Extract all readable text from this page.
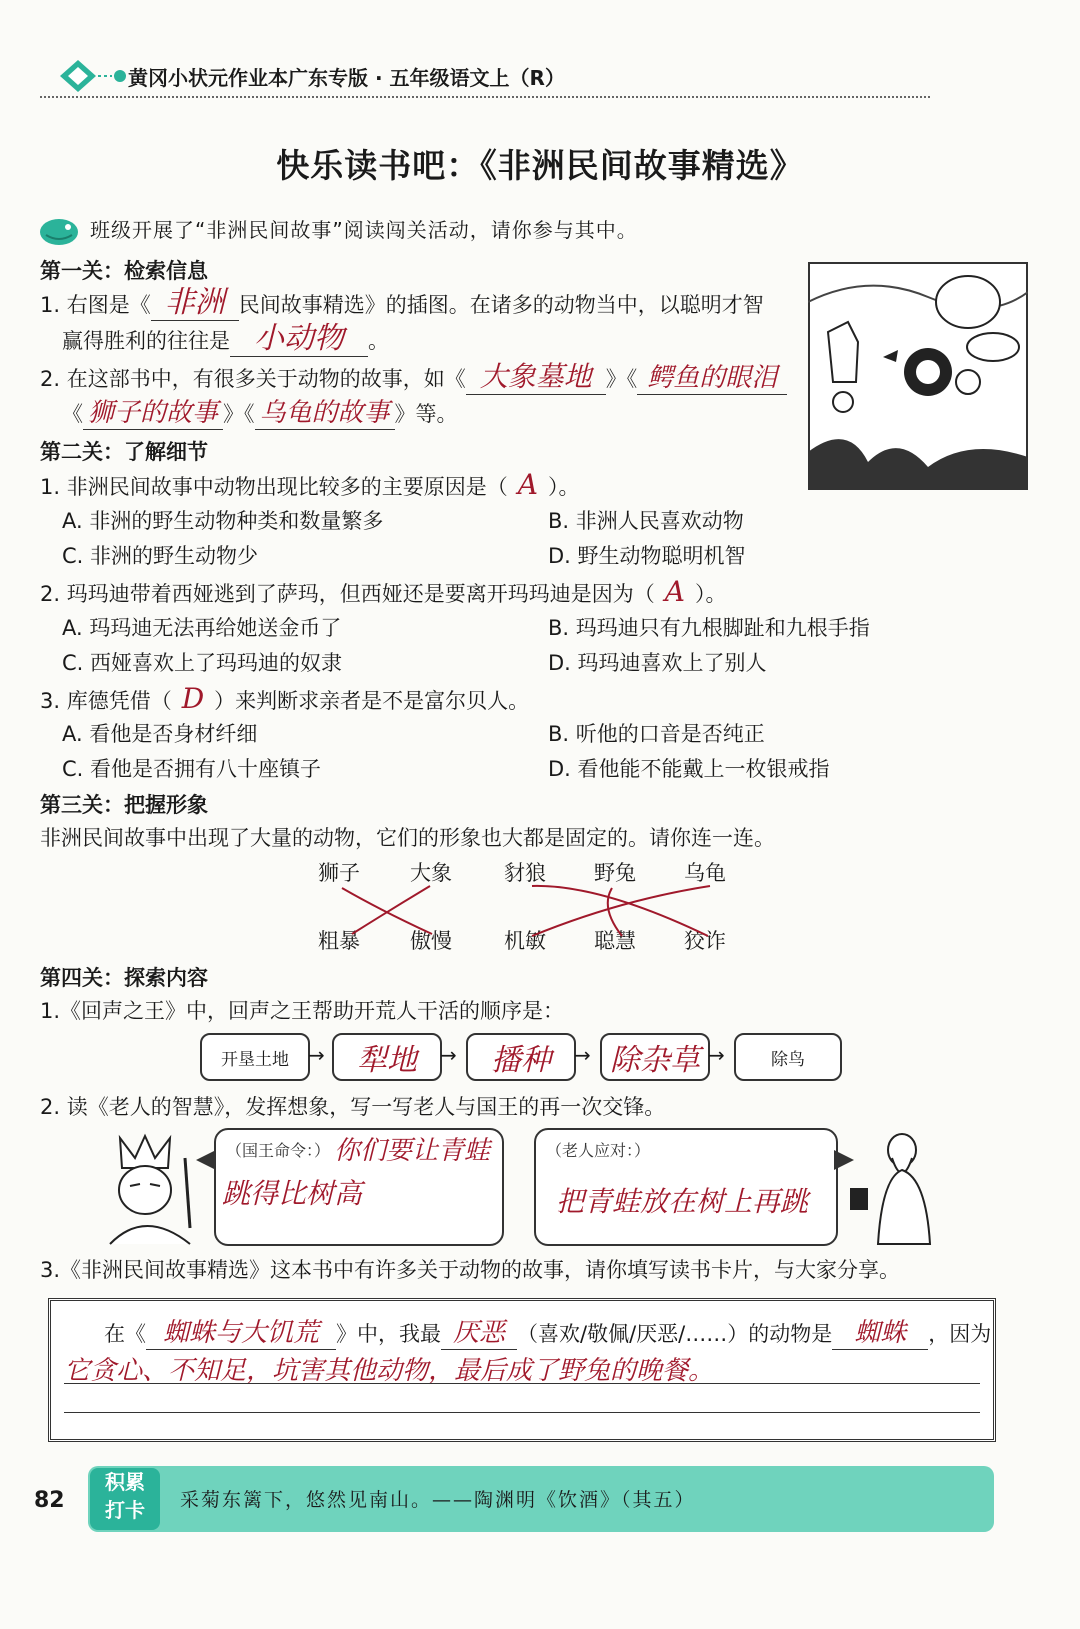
黄冈小状元作业本广东专版 · 五年级语文上（R）
快乐读书吧：《非洲民间故事精选》
班级开展了“非洲民间故事”阅读闯关活动，请你参与其中。
第一关：检索信息
1. 右图是《 非洲 民间故事精选》的插图。在诸多的动物当中，以聪明才智
赢得胜利的往往是 小动物 。
2. 在这部书中，有很多关于动物的故事，如《 大象墓地 》《 鳄鱼的眼泪
《 狮子的故事 》《 乌龟的故事 》等。
第二关：了解细节
1. 非洲民间故事中动物出现比较多的主要原因是（ A ）。
A. 非洲的野生动物种类和数量繁多	B. 非洲人民喜欢动物
C. 非洲的野生动物少	D. 野生动物聪明机智
2. 玛玛迪带着西娅逃到了萨玛，但西娅还是要离开玛玛迪是因为（ A ）。
A. 玛玛迪无法再给她送金币了	B. 玛玛迪只有九根脚趾和九根手指
C. 西娅喜欢上了玛玛迪的奴隶	D. 玛玛迪喜欢上了别人
3. 库德凭借（ D ）来判断求亲者是不是富尔贝人。
A. 看他是否身材纤细	B. 听他的口音是否纯正
C. 看他是否拥有八十座镇子	D. 看他能不能戴上一枚银戒指
第三关：把握形象
非洲民间故事中出现了大量的动物，它们的形象也大都是固定的。请你连一连。
狮子 大象 豺狼 野兔 乌龟
粗暴 傲慢 机敏 聪慧 狡诈
第四关：探索内容
1.《回声之王》中，回声之王帮助开荒人干活的顺序是：
开垦土地 →	犁地	→	播种	→ 除杂草 →	除鸟
2. 读《老人的智慧》，发挥想象，写一写老人与国王的再一次交锋。
（国王命令：） 你们要让青蛙
跳得比树高
（老人应对：）
把青蛙放在树上再跳
3.《非洲民间故事精选》这本书中有许多关于动物的故事，请你填写读书卡片，与大家分享。
在《 蜘蛛与大饥荒 》中，我最 厌恶 （喜欢/敬佩/厌恶/……）的动物是 蜘蛛 ，因为
它贪心、不知足，坑害其他动物，最后成了野兔的晚餐。
82
积累
打卡	采菊东篱下，悠然见南山。——陶渊明《饮酒》（其五）
